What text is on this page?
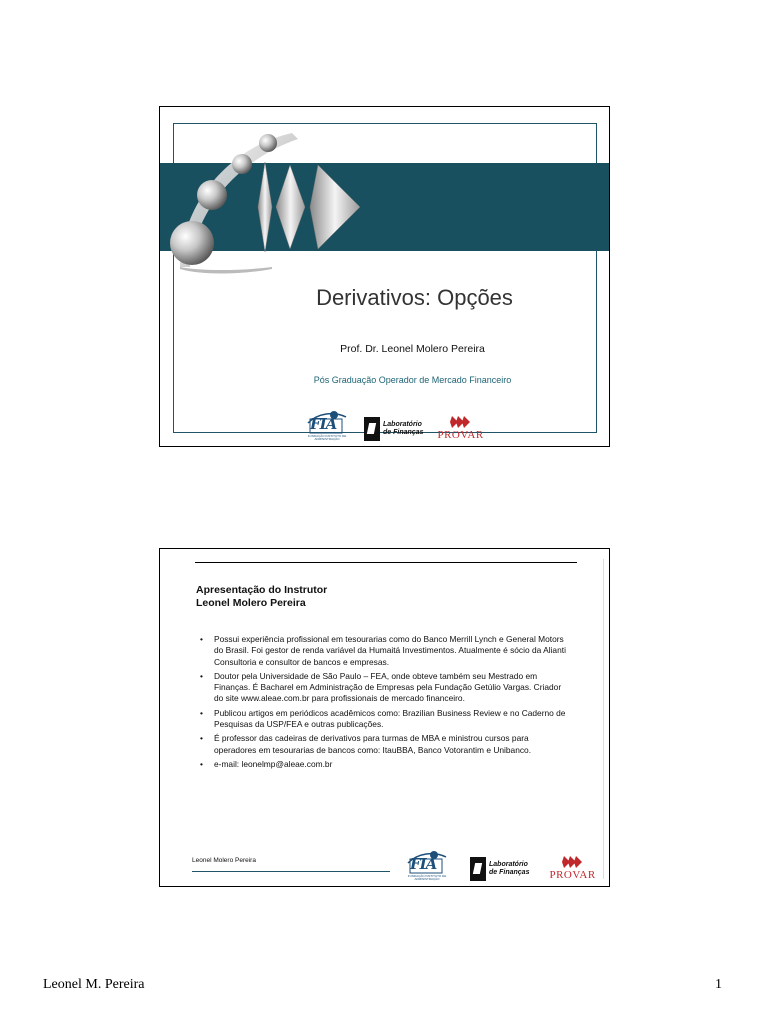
Derivativos: Opções
Prof. Dr. Leonel Molero Pereira
Pós Graduação Operador de Mercado Financeiro
FIA
FUNDAÇÃO INSTITUTO DE ADMINISTRAÇÃO
Laboratório
de Finanças PROVAR
Apresentação do Instrutor
Leonel Molero Pereira
• Possui experiência profissional em tesourarias como do Banco Merrill Lynch e General Motors do Brasil. Foi gestor de renda variável da Humaitá Investimentos. Atualmente é sócio da Alianti Consultoria e consultor de bancos e empresas.
• Doutor pela Universidade de São Paulo – FEA, onde obteve também seu Mestrado em Finanças. É Bacharel em Administração de Empresas pela Fundação Getúlio Vargas. Criador do site www.aleae.com.br para profissionais de mercado financeiro.
• Publicou artigos em periódicos acadêmicos como: Brazilian Business Review e no Caderno de Pesquisas da USP/FEA e outras publicações.
• É professor das cadeiras de derivativos para turmas de MBA e ministrou cursos para operadores em tesourarias de bancos como: ItauBBA, Banco Votorantim e Unibanco.
• e-mail: leonelmp@aleae.com.br
Leonel Molero Pereira	FIA
FUNDAÇÃO INSTITUTO DE ADMINISTRAÇÃO
Laboratório
de Finanças PROVAR
Leonel M. Pereira	1
